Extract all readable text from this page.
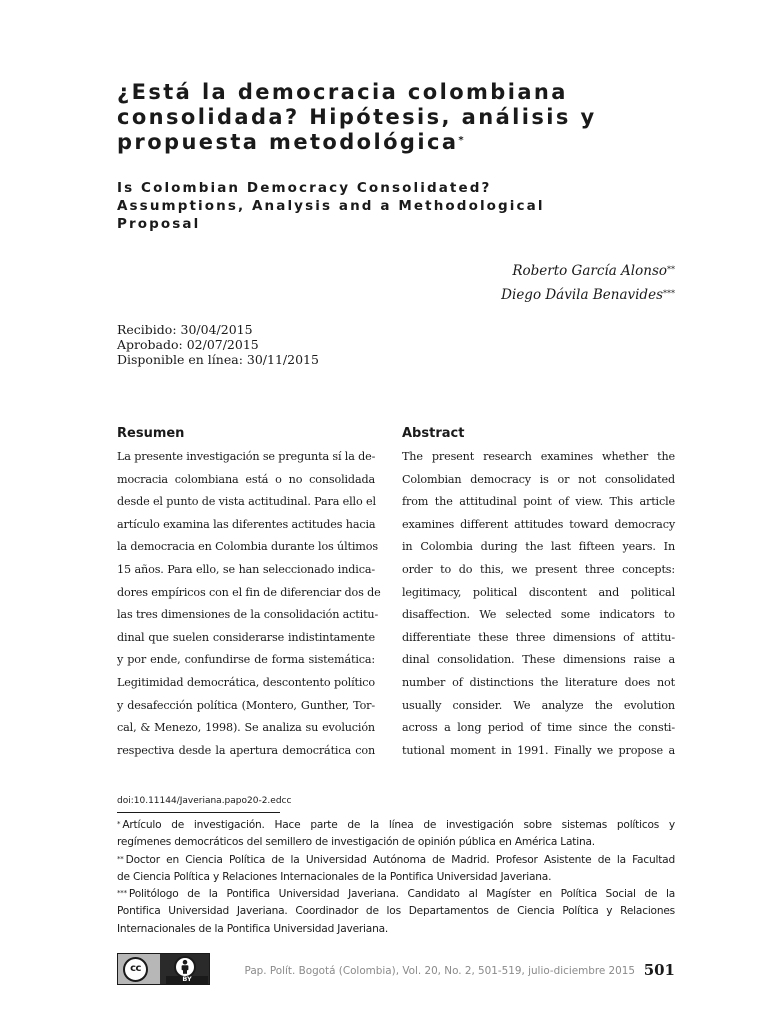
¿Está la democracia colombiana
consolidada? Hipótesis, análisis y
propuesta metodológica*
Is Colombian Democracy Consolidated?
Assumptions, Analysis and a Methodological
Proposal
Roberto García Alonso**
Diego Dávila Benavides***
Recibido: 30/04/2015
Aprobado: 02/07/2015
Disponible en línea: 30/11/2015
Resumen
La presente investigación se pregunta sí la de-
mocracia colombiana está o no consolidada
desde el punto de vista actitudinal. Para ello el
artículo examina las diferentes actitudes hacia
la democracia en Colombia durante los últimos
15 años. Para ello, se han seleccionado indica-
dores empíricos con el fin de diferenciar dos de
las tres dimensiones de la consolidación actitu-
dinal que suelen considerarse indistintamente
y por ende, confundirse de forma sistemática:
Legitimidad democrática, descontento político
y desafección política (Montero, Gunther, Tor-
cal, & Menezo, 1998). Se analiza su evolución
respectiva desde la apertura democrática con
Abstract
The present research examines whether the
Colombian democracy is or not consolidated
from the attitudinal point of view. This article
examines different attitudes toward democracy
in Colombia during the last fifteen years. In
order to do this, we present three concepts:
legitimacy, political discontent and political
disaffection. We selected some indicators to
differentiate these three dimensions of attitu-
dinal consolidation. These dimensions raise a
number of distinctions the literature does not
usually consider. We analyze the evolution
across a long period of time since the consti-
tutional moment in 1991. Finally we propose a
doi:10.11144/Javeriana.papo20-2.edcc
* Artículo de investigación. Hace parte de la línea de investigación sobre sistemas políticos y
regímenes democráticos del semillero de investigación de opinión pública en América Latina.
** Doctor en Ciencia Política de la Universidad Autónoma de Madrid. Profesor Asistente de la Facultad
de Ciencia Política y Relaciones Internacionales de la Pontifica Universidad Javeriana.
*** Politólogo de la Pontifica Universidad Javeriana. Candidato al Magíster en Política Social de la
Pontifica Universidad Javeriana. Coordinador de los Departamentos de Ciencia Política y Relaciones
Internacionales de la Pontifica Universidad Javeriana.
cc
BY
Pap. Polít. Bogotá (Colombia), Vol. 20, No. 2, 501-519, julio-diciembre 2015 501
